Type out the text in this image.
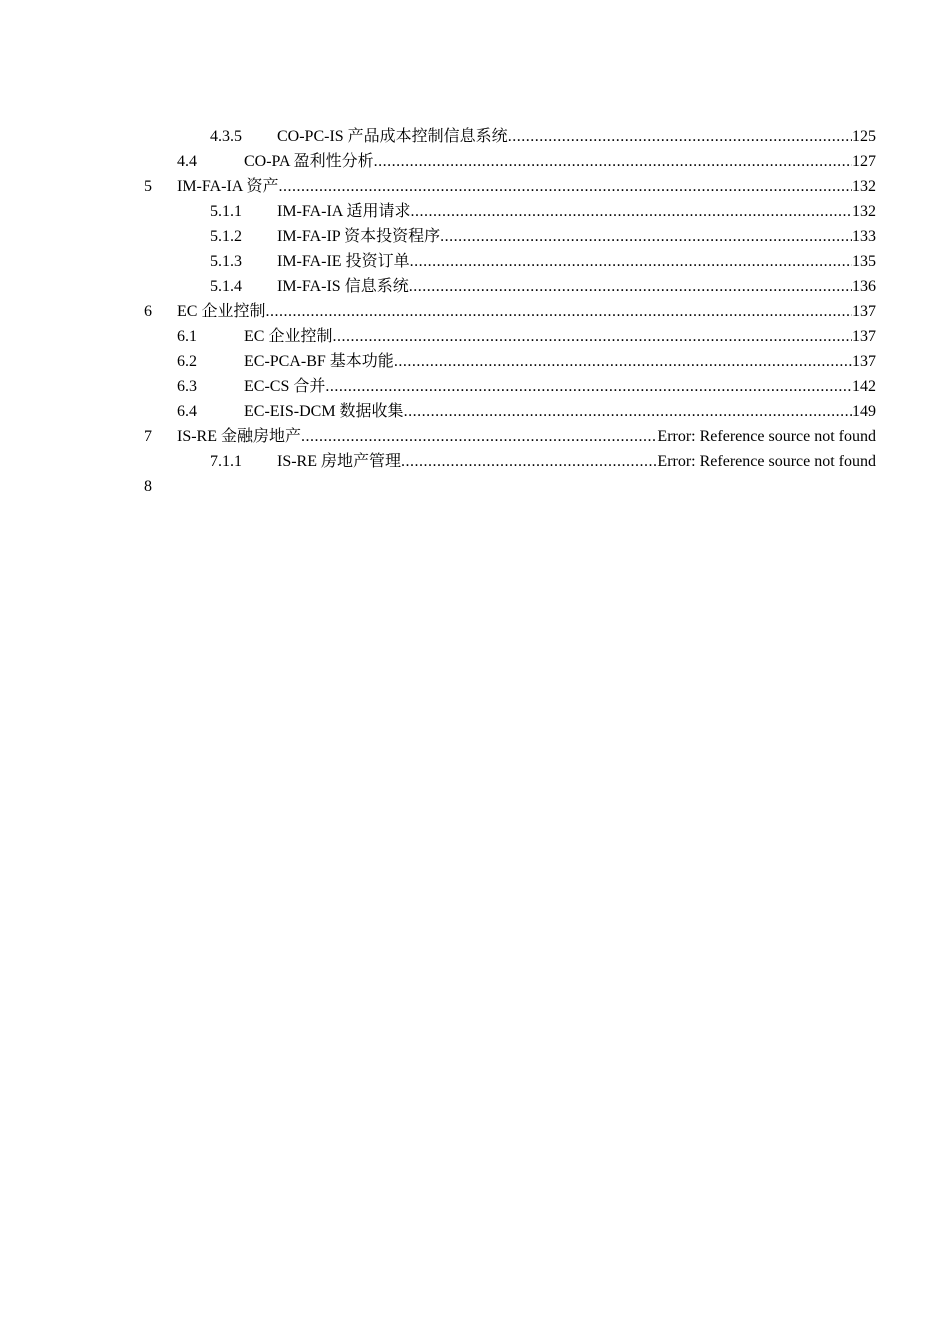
4.3.5 CO-PC-IS 产品成本控制信息系统 .....	125
4.4	CO-PA 盈利性分析 .....	127
5 IM-FA-IA 资产 .....	132
5.1.1 IM-FA-IA 适用请求 .....	132
5.1.2 IM-FA-IP 资本投资程序 .....	133
5.1.3 IM-FA-IE 投资订单 .....	135
5.1.4 IM-FA-IS 信息系统 .....	136
6 EC 企业控制 .....	137
6.1	EC 企业控制 .....	137
6.2	EC-PCA-BF 基本功能 .....	137
6.3	EC-CS 合并 .....	142
6.4	EC-EIS-DCM 数据收集 .....	149
7 IS-RE 金融房地产 .....	Error: Reference source not found
7.1.1 IS-RE 房地产管理 .....	Error: Reference source not found
8
